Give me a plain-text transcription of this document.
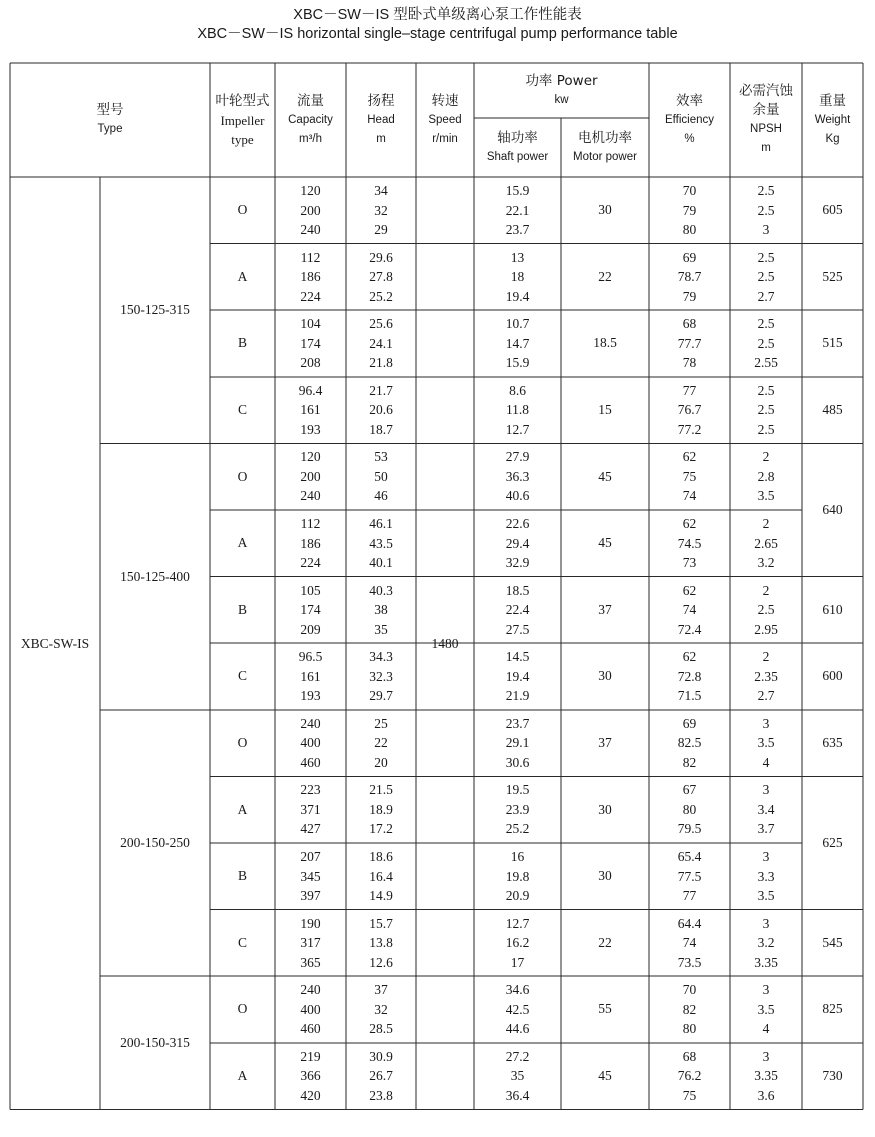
XBC－SW－IS 型卧式单级离心泵工作性能表
XBC－SW－IS horizontal single–stage centrifugal pump performance table
型号
Type
叶轮型式
Impeller
type
流量
Capacity
m³/h
扬程
Head
m
转速
Speed
r/min
功率 Power
kw
轴功率
Shaft power
电机功率
Motor power
效率
Efficiency
%
必需汽蚀
余量
NPSH
m
重量
Weight
Kg
XBC-SW-IS	1480
150-125-315
O
120
200
240
34
32
29
15.9
22.1
23.7
30
70
79
80
2.5
2.5
3
605
A
112
186
224
29.6
27.8
25.2
13
18
19.4
22
69
78.7
79
2.5
2.5
2.7
525
B
104
174
208
25.6
24.1
21.8
10.7
14.7
15.9
18.5
68
77.7
78
2.5
2.5
2.55
515
C
96.4
161
193
21.7
20.6
18.7
8.6
11.8
12.7
15
77
76.7
77.2
2.5
2.5
2.5
485
150-125-400
O
120
200
240
53
50
46
27.9
36.3
40.6
45
62
75
74
2
2.8
3.5
640
A
112
186
224
46.1
43.5
40.1
22.6
29.4
32.9
45
62
74.5
73
2
2.65
3.2
B
105
174
209
40.3
38
35
18.5
22.4
27.5
37
62
74
72.4
2
2.5
2.95
610
C
96.5
161
193
34.3
32.3
29.7
14.5
19.4
21.9
30
62
72.8
71.5
2
2.35
2.7
600
200-150-250
O
240
400
460
25
22
20
23.7
29.1
30.6
37
69
82.5
82
3
3.5
4
635
A
223
371
427
21.5
18.9
17.2
19.5
23.9
25.2
30
67
80
79.5
3
3.4
3.7
625
B
207
345
397
18.6
16.4
14.9
16
19.8
20.9
30
65.4
77.5
77
3
3.3
3.5
C
190
317
365
15.7
13.8
12.6
12.7
16.2
17
22
64.4
74
73.5
3
3.2
3.35
545
200-150-315
O
240
400
460
37
32
28.5
34.6
42.5
44.6
55
70
82
80
3
3.5
4
825
A
219
366
420
30.9
26.7
23.8
27.2
35
36.4
45
68
76.2
75
3
3.35
3.6
730
